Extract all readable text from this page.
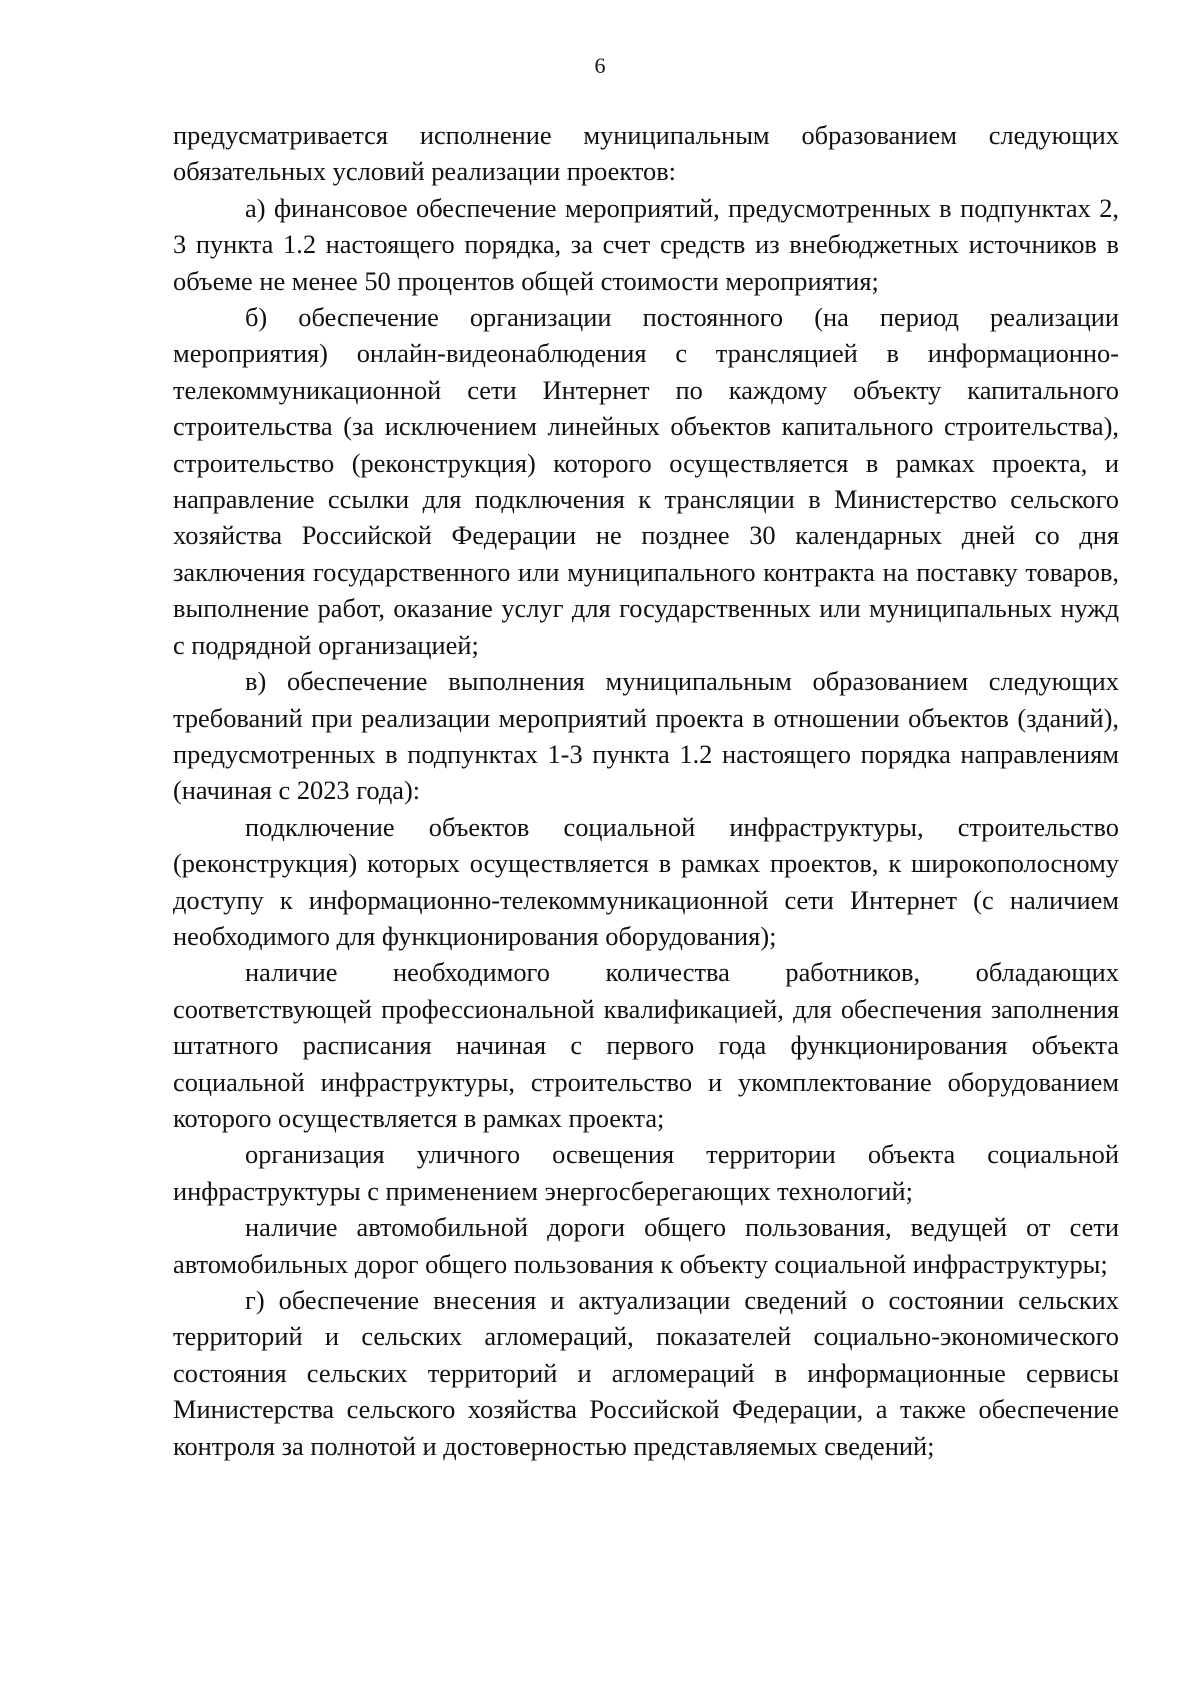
6

предусматривается исполнение муниципальным образованием следующих обязательных условий реализации проектов:

а) финансовое обеспечение мероприятий, предусмотренных в подпунктах 2, 3 пункта 1.2 настоящего порядка, за счет средств из внебюджетных источников в объеме не менее 50 процентов общей стоимости мероприятия;

б) обеспечение организации постоянного (на период реализации мероприятия) онлайн-видеонаблюдения с трансляцией в информационно-телекоммуникационной сети Интернет по каждому объекту капитального строительства (за исключением линейных объектов капитального строительства), строительство (реконструкция) которого осуществляется в рамках проекта, и направление ссылки для подключения к трансляции в Министерство сельского хозяйства Российской Федерации не позднее 30 календарных дней со дня заключения государственного или муниципального контракта на поставку товаров, выполнение работ, оказание услуг для государственных или муниципальных нужд с подрядной организацией;

в) обеспечение выполнения муниципальным образованием следующих требований при реализации мероприятий проекта в отношении объектов (зданий), предусмотренных в подпунктах 1-3 пункта 1.2 настоящего порядка направлениям (начиная с 2023 года):

подключение объектов социальной инфраструктуры, строительство (реконструкция) которых осуществляется в рамках проектов, к широкополосному доступу к информационно-телекоммуникационной сети Интернет (с наличием необходимого для функционирования оборудования);

наличие необходимого количества работников, обладающих соответствующей профессиональной квалификацией, для обеспечения заполнения штатного расписания начиная с первого года функционирования объекта социальной инфраструктуры, строительство и укомплектование оборудованием которого осуществляется в рамках проекта;

организация уличного освещения территории объекта социальной инфраструктуры с применением энергосберегающих технологий;

наличие автомобильной дороги общего пользования, ведущей от сети автомобильных дорог общего пользования к объекту социальной инфраструктуры;

г) обеспечение внесения и актуализации сведений о состоянии сельских территорий и сельских агломераций, показателей социально-экономического состояния сельских территорий и агломераций в информационные сервисы Министерства сельского хозяйства Российской Федерации, а также обеспечение контроля за полнотой и достоверностью представляемых сведений;
